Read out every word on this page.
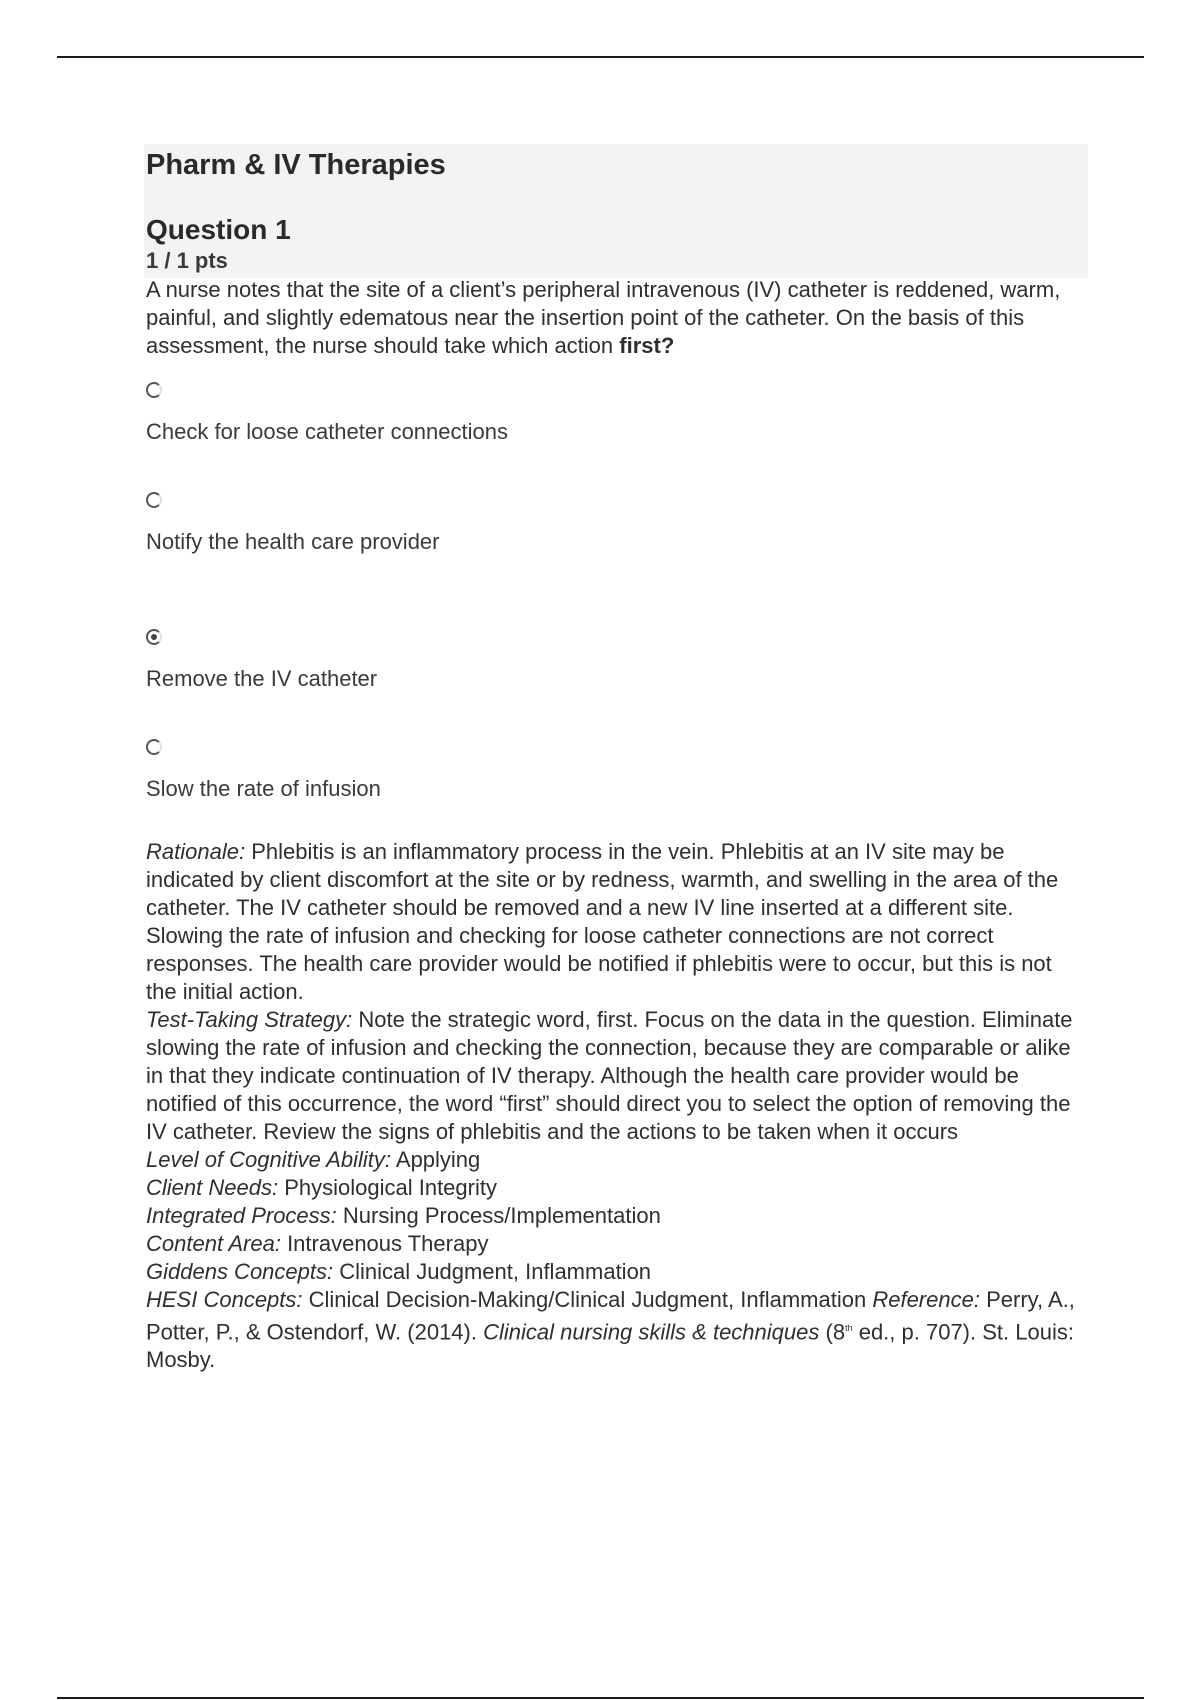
Pharm & IV Therapies
Question 1
1 / 1 pts
A nurse notes that the site of a client’s peripheral intravenous (IV) catheter is reddened, warm, painful, and slightly edematous near the insertion point of the catheter. On the basis of this assessment, the nurse should take which action first?
Check for loose catheter connections
Notify the health care provider
Remove the IV catheter
Slow the rate of infusion

Rationale: Phlebitis is an inflammatory process in the vein. Phlebitis at an IV site may be indicated by client discomfort at the site or by redness, warmth, and swelling in the area of the catheter. The IV catheter should be removed and a new IV line inserted at a different site. Slowing the rate of infusion and checking for loose catheter connections are not correct responses. The health care provider would be notified if phlebitis were to occur, but this is not the initial action.

Test-Taking Strategy: Note the strategic word, first. Focus on the data in the question. Eliminate slowing the rate of infusion and checking the connection, because they are comparable or alike in that they indicate continuation of IV therapy. Although the health care provider would be notified of this occurrence, the word “first” should direct you to select the option of removing the IV catheter. Review the signs of phlebitis and the actions to be taken when it occurs

Level of Cognitive Ability: Applying

Client Needs: Physiological Integrity

Integrated Process: Nursing Process/Implementation

Content Area: Intravenous Therapy

Giddens Concepts: Clinical Judgment, Inflammation

HESI Concepts: Clinical Decision-Making/Clinical Judgment, Inflammation Reference: Perry, A., Potter, P., & Ostendorf, W. (2014). Clinical nursing skills & techniques (8th ed., p. 707). St. Louis: Mosby.
